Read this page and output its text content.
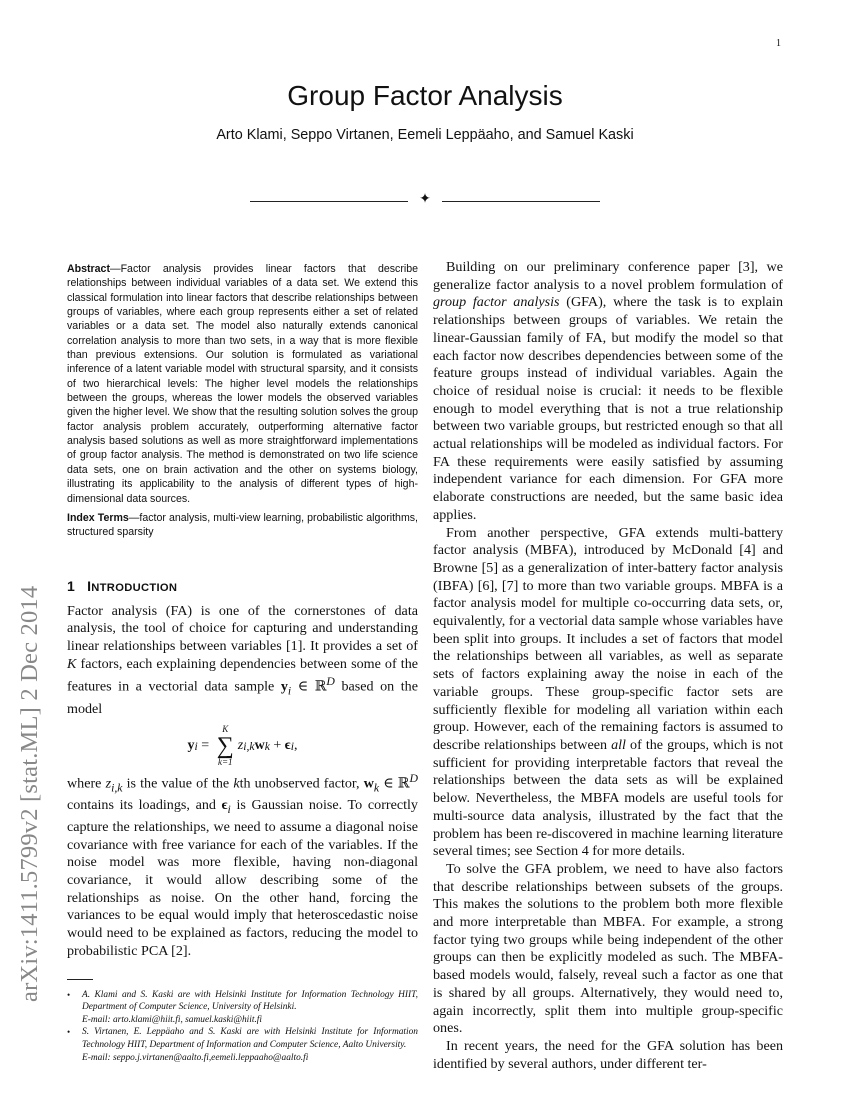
1
arXiv:1411.5799v2 [stat.ML] 2 Dec 2014
Group Factor Analysis
Arto Klami, Seppo Virtanen, Eemeli Leppäaho, and Samuel Kaski
✦

Abstract—Factor analysis provides linear factors that describe relationships between individual variables of a data set. We extend this classical formulation into linear factors that describe relationships between groups of variables, where each group represents either a set of related variables or a data set. The model also naturally extends canonical correlation analysis to more than two sets, in a way that is more flexible than previous extensions. Our solution is formulated as variational inference of a latent variable model with structural sparsity, and it consists of two hierarchical levels: The higher level models the relationships between the groups, whereas the lower models the observed variables given the higher level. We show that the resulting solution solves the group factor analysis problem accurately, outperforming alternative factor analysis based solutions as well as more straightforward implementations of group factor analysis. The method is demonstrated on two life science data sets, one on brain activation and the other on systems biology, illustrating its applicability to the analysis of different types of high-dimensional data sources.

Index Terms—factor analysis, multi-view learning, probabilistic algorithms, structured sparsity

1 INTRODUCTION

Factor analysis (FA) is one of the cornerstones of data analysis, the tool of choice for capturing and understanding linear relationships between variables [1]. It provides a set of K factors, each explaining dependencies between some of the features in a vectorial data sample $y_i$ ∈ ℝ$^D$ based on the model

y i =
K
∑
k=1
z i,k w k + ϵ i ,

where $z_{i,k}$ is the value of the kth unobserved factor, $w_k$ ∈ ℝ$^D$ contains its loadings, and $\epsilon_i$ is Gaussian noise. To correctly capture the relationships, we need to assume a diagonal noise covariance with free variance for each of the variables. If the noise model was more flexible, having non-diagonal covariance, it would allow describing some of the relationships as noise. On the other hand, forcing the variances to be equal would imply that heteroscedastic noise would need to be explained as factors, reducing the model to probabilistic PCA [2].

• A. Klami and S. Kaski are with Helsinki Institute for Information Technology HIIT, Department of Computer Science, University of Helsinki.
E-mail: arto.klami@hiit.fi, samuel.kaski@hiit.fi
• S. Virtanen, E. Leppäaho and S. Kaski are with Helsinki Institute for Information Technology HIIT, Department of Information and Computer Science, Aalto University.
E-mail: seppo.j.virtanen@aalto.fi,eemeli.leppaaho@aalto.fi

Building on our preliminary conference paper [3], we generalize factor analysis to a novel problem formulation of group factor analysis (GFA), where the task is to explain relationships between groups of variables. We retain the linear-Gaussian family of FA, but modify the model so that each factor now describes dependencies between some of the feature groups instead of individual variables. Again the choice of residual noise is crucial: it needs to be flexible enough to model everything that is not a true relationship between two variable groups, but restricted enough so that all actual relationships will be modeled as individual factors. For FA these requirements were easily satisfied by assuming independent variance for each dimension. For GFA more elaborate constructions are needed, but the same basic idea applies.

From another perspective, GFA extends multi-battery factor analysis (MBFA), introduced by McDonald [4] and Browne [5] as a generalization of inter-battery factor analysis (IBFA) [6], [7] to more than two variable groups. MBFA is a factor analysis model for multiple co-occurring data sets, or, equivalently, for a vectorial data sample whose variables have been split into groups. It includes a set of factors that model the relationships between all variables, as well as separate sets of factors explaining away the noise in each of the variable groups. These group-specific factor sets are sufficiently flexible for modeling all variation within each group. However, each of the remaining factors is assumed to describe relationships between all of the groups, which is not sufficient for providing interpretable factors that reveal the relationships between the data sets as will be explained below. Nevertheless, the MBFA models are useful tools for multi-source data analysis, illustrated by the fact that the problem has been re-discovered in machine learning literature several times; see Section 4 for more details.

To solve the GFA problem, we need to have also factors that describe relationships between subsets of the groups. This makes the solutions to the problem both more flexible and more interpretable than MBFA. For example, a strong factor tying two groups while being independent of the other groups can then be explicitly modeled as such. The MBFA-based models would, falsely, reveal such a factor as one that is shared by all groups. Alternatively, they would need to, again incorrectly, split them into multiple group-specific ones.

In recent years, the need for the GFA solution has been identified by several authors, under different ter-
